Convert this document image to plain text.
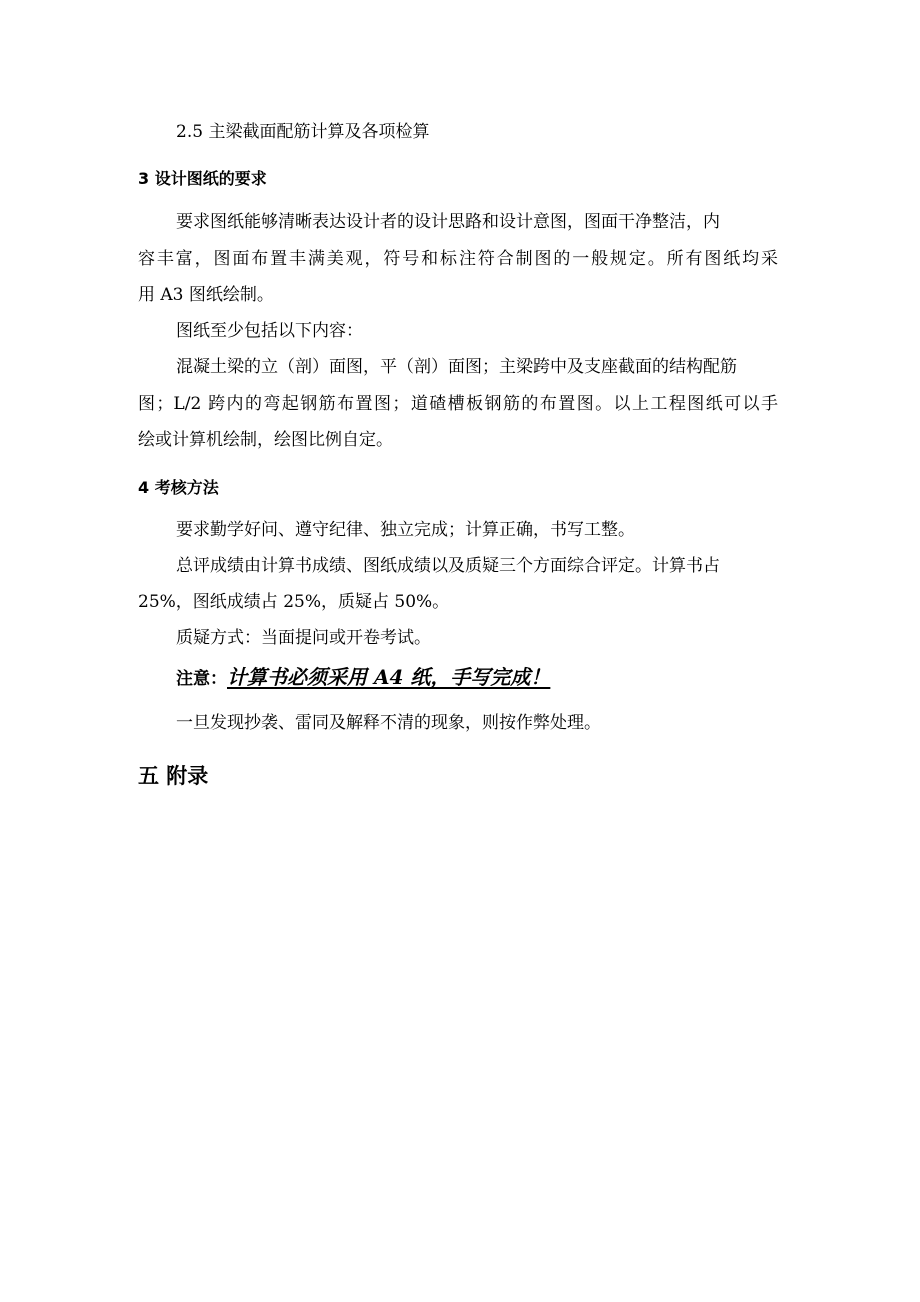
2.5 主梁截面配筋计算及各项检算
3 设计图纸的要求
要求图纸能够清晰表达设计者的设计思路和设计意图，图面干净整洁，内
容丰富，图面布置丰满美观，符号和标注符合制图的一般规定。所有图纸均采
用 A3 图纸绘制。
图纸至少包括以下内容：
混凝土梁的立（剖）面图，平（剖）面图；主梁跨中及支座截面的结构配筋
图；L/2 跨内的弯起钢筋布置图；道碴槽板钢筋的布置图。以上工程图纸可以手
绘或计算机绘制，绘图比例自定。
4 考核方法
要求勤学好问、遵守纪律、独立完成；计算正确，书写工整。
总评成绩由计算书成绩、图纸成绩以及质疑三个方面综合评定。计算书占
25%，图纸成绩占 25%，质疑占 50%。
质疑方式：当面提问或开卷考试。
注意：计算书必须采用 A4 纸，手写完成！
一旦发现抄袭、雷同及解释不清的现象，则按作弊处理。
五 附录
